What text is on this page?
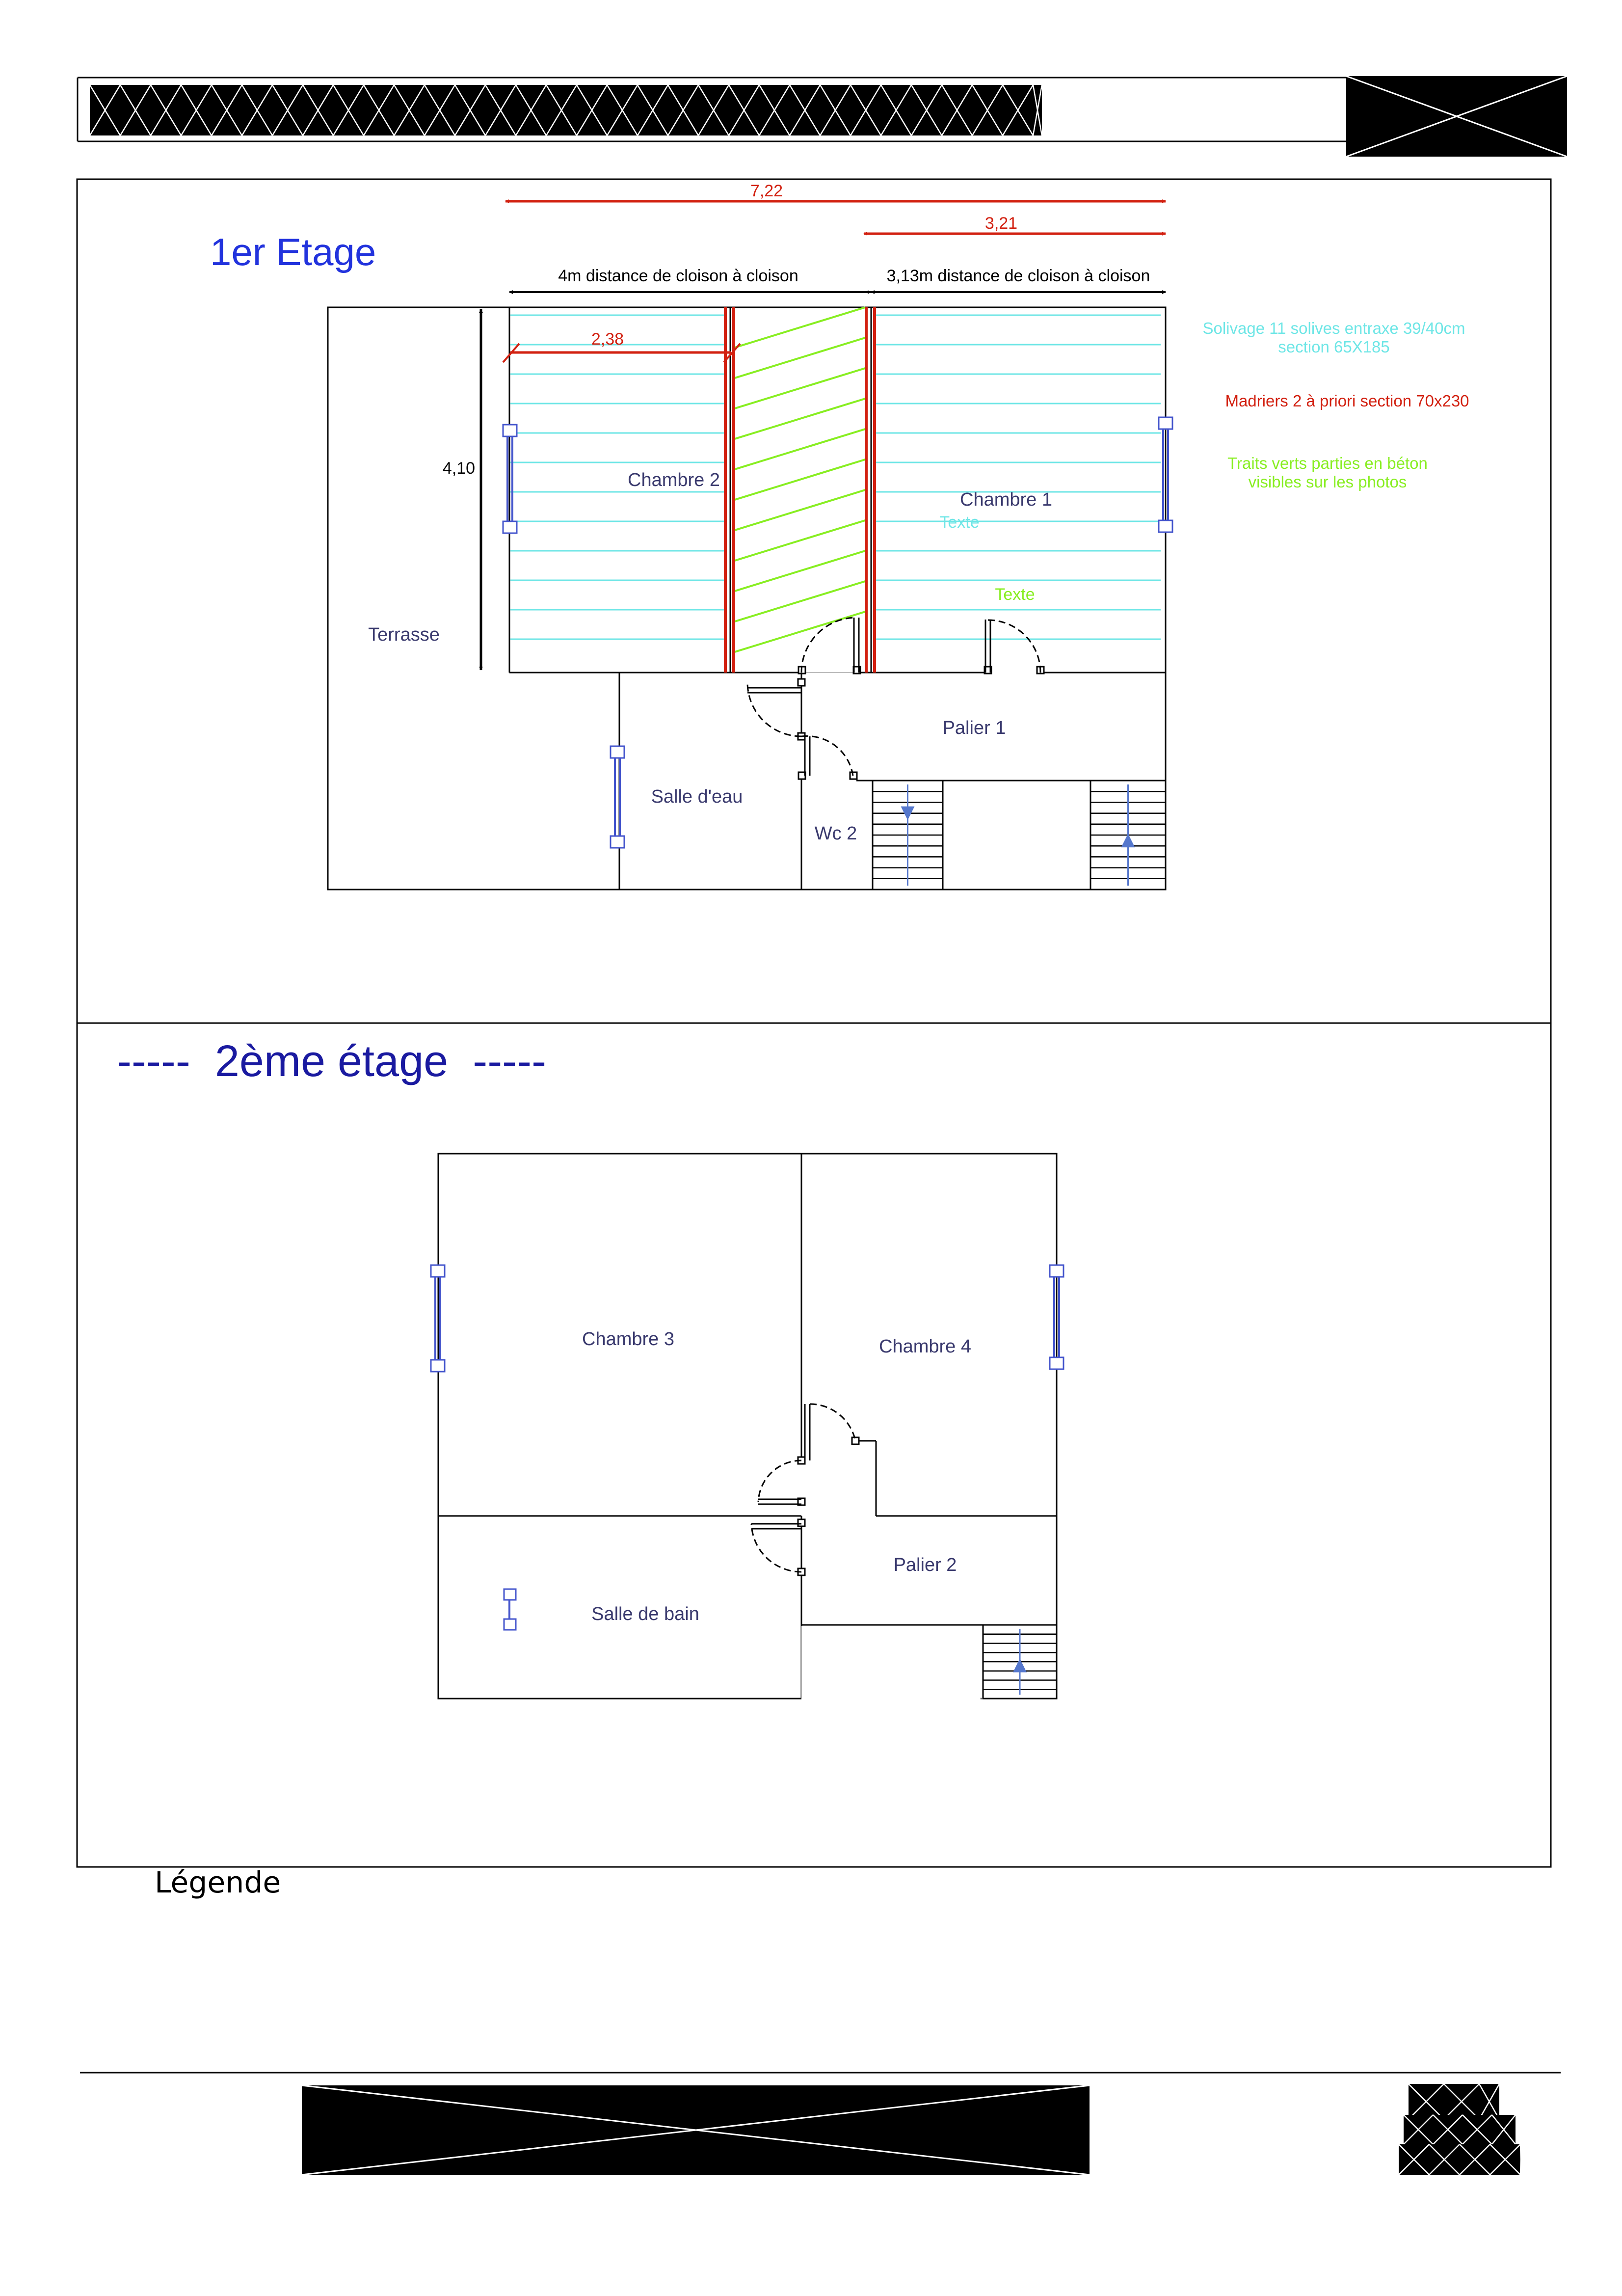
1er Etage
7,22
3,21
4m distance de cloison à cloison	3,13m distance de cloison à cloison
2,38
4,10
Chambre 2
Chambre 1
Texte
Texte
Terrasse
Salle d'eau
Palier 1
Wc 2
Solivage 11 solives entraxe 39/40cm
section 65X185
Madriers 2 à priori section 70x230
Traits verts parties en béton
visibles sur les photos
-----  2ème étage  -----
Chambre 3	Chambre 4
Palier 2
Salle de bain
Légende
